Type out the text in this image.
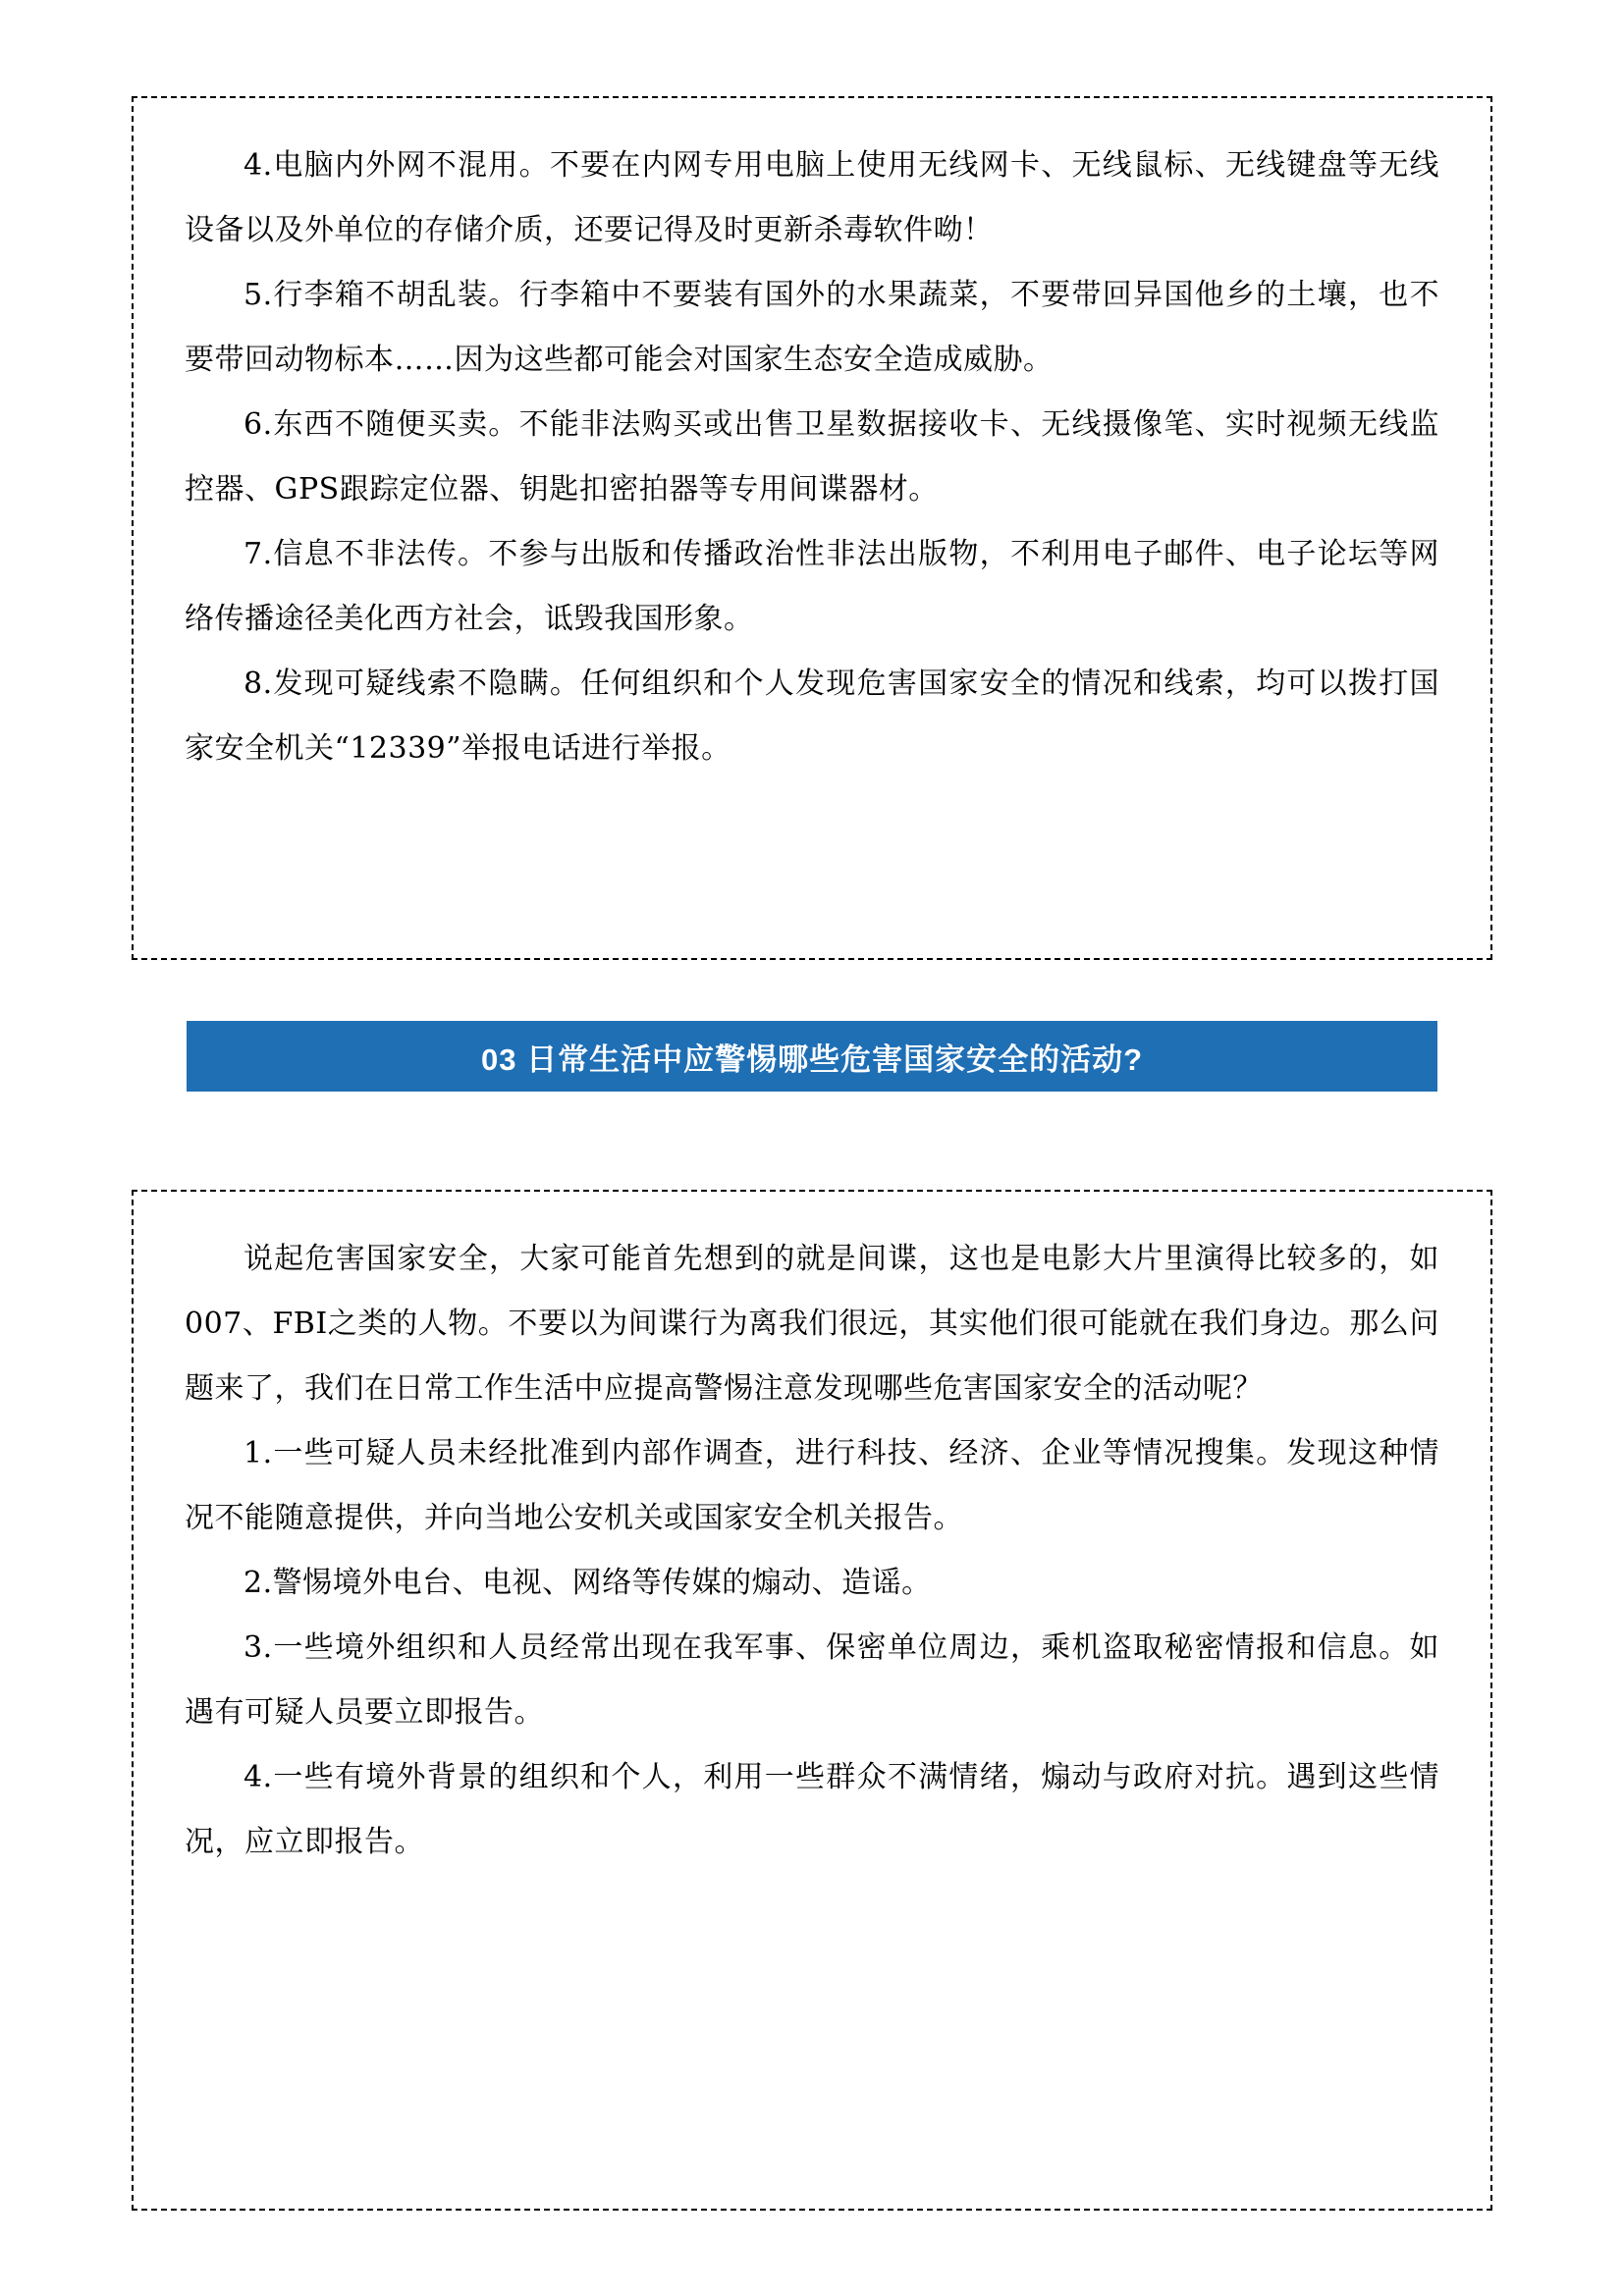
4.电脑内外网不混用。不要在内网专用电脑上使用无线网卡、无线鼠标、无线键盘等无线设备以及外单位的存储介质，还要记得及时更新杀毒软件呦！

5.行李箱不胡乱装。行李箱中不要装有国外的水果蔬菜，不要带回异国他乡的土壤，也不要带回动物标本……因为这些都可能会对国家生态安全造成威胁。

6.东西不随便买卖。不能非法购买或出售卫星数据接收卡、无线摄像笔、实时视频无线监控器、GPS跟踪定位器、钥匙扣密拍器等专用间谍器材。

7.信息不非法传。不参与出版和传播政治性非法出版物，不利用电子邮件、电子论坛等网络传播途径美化西方社会，诋毁我国形象。

8.发现可疑线索不隐瞒。任何组织和个人发现危害国家安全的情况和线索，均可以拨打国家安全机关“12339”举报电话进行举报。

03 日常生活中应警惕哪些危害国家安全的活动?

说起危害国家安全，大家可能首先想到的就是间谍，这也是电影大片里演得比较多的，如007、FBI之类的人物。不要以为间谍行为离我们很远，其实他们很可能就在我们身边。那么问题来了，我们在日常工作生活中应提高警惕注意发现哪些危害国家安全的活动呢？

1.一些可疑人员未经批准到内部作调查，进行科技、经济、企业等情况搜集。发现这种情况不能随意提供，并向当地公安机关或国家安全机关报告。

2.警惕境外电台、电视、网络等传媒的煽动、造谣。

3.一些境外组织和人员经常出现在我军事、保密单位周边，乘机盗取秘密情报和信息。如遇有可疑人员要立即报告。

4.一些有境外背景的组织和个人，利用一些群众不满情绪，煽动与政府对抗。遇到这些情况，应立即报告。
